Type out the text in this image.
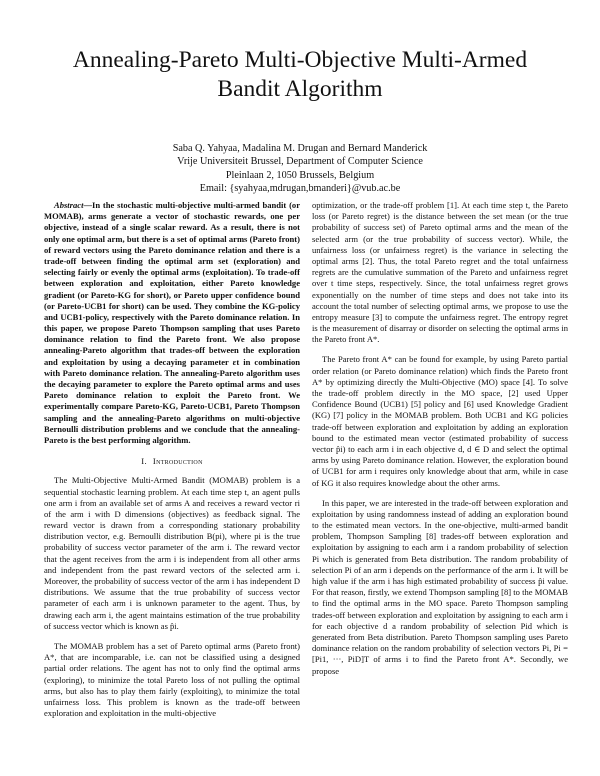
Annealing-Pareto Multi-Objective Multi-Armed Bandit Algorithm
Saba Q. Yahyaa, Madalina M. Drugan and Bernard Manderick
Vrije Universiteit Brussel, Department of Computer Science
Pleinlaan 2, 1050 Brussels, Belgium
Email: {syahyaa,mdrugan,bmanderi}@vub.ac.be

Abstract—In the stochastic multi-objective multi-armed bandit (or MOMAB), arms generate a vector of stochastic rewards, one per objective, instead of a single scalar reward. As a result, there is not only one optimal arm, but there is a set of optimal arms (Pareto front) of reward vectors using the Pareto dominance relation and there is a trade-off between finding the optimal arm set (exploration) and selecting fairly or evenly the optimal arms (exploitation). To trade-off between exploration and exploitation, either Pareto knowledge gradient (or Pareto-KG for short), or Pareto upper confidence bound (or Pareto-UCB1 for short) can be used. They combine the KG-policy and UCB1-policy, respectively with the Pareto dominance relation. In this paper, we propose Pareto Thompson sampling that uses Pareto dominance relation to find the Pareto front. We also propose annealing-Pareto algorithm that trades-off between the exploration and exploitation by using a decaying parameter εt in combination with Pareto dominance relation. The annealing-Pareto algorithm uses the decaying parameter to explore the Pareto optimal arms and uses Pareto dominance relation to exploit the Pareto front. We experimentally compare Pareto-KG, Pareto-UCB1, Pareto Thompson sampling and the annealing-Pareto algorithms on multi-objective Bernoulli distribution problems and we conclude that the annealing-Pareto is the best performing algorithm.

I. Introduction

The Multi-Objective Multi-Armed Bandit (MOMAB) problem is a sequential stochastic learning problem. At each time step t, an agent pulls one arm i from an available set of arms A and receives a reward vector ri of the arm i with D dimensions (objectives) as feedback signal. The reward vector is drawn from a corresponding stationary probability distribution vector, e.g. Bernoulli distribution B(pi), where pi is the true probability of success vector parameter of the arm i. The reward vector that the agent receives from the arm i is independent from all other arms and independent from the past reward vectors of the selected arm i. Moreover, the probability of success vector of the arm i has independent D distributions. We assume that the true probability of success vector parameter of each arm i is unknown parameter to the agent. Thus, by drawing each arm i, the agent maintains estimation of the true probability of success vector which is known as p̂i.

The MOMAB problem has a set of Pareto optimal arms (Pareto front) A*, that are incomparable, i.e. can not be classified using a designed partial order relations. The agent has not to only find the optimal arms (exploring), to minimize the total Pareto loss of not pulling the optimal arms, but also has to play them fairly (exploiting), to minimize the total unfairness loss. This problem is known as the trade-off between exploration and exploitation in the multi-objective

optimization, or the trade-off problem [1]. At each time step t, the Pareto loss (or Pareto regret) is the distance between the set mean (or the true probability of success set) of Pareto optimal arms and the mean of the selected arm (or the true probability of success vector). While, the unfairness loss (or unfairness regret) is the variance in selecting the optimal arms [2]. Thus, the total Pareto regret and the total unfairness regrets are the cumulative summation of the Pareto and unfairness regret over t time steps, respectively. Since, the total unfairness regret grows exponentially on the number of time steps and does not take into its account the total number of selecting optimal arms, we propose to use the entropy measure [3] to compute the unfairness regret. The entropy regret is the measurement of disarray or disorder on selecting the optimal arms in the Pareto front A*.

The Pareto front A* can be found for example, by using Pareto partial order relation (or Pareto dominance relation) which finds the Pareto front A* by optimizing directly the Multi-Objective (MO) space [4]. To solve the trade-off problem directly in the MO space, [2] used Upper Confidence Bound (UCB1) [5] policy and [6] used Knowledge Gradient (KG) [7] policy in the MOMAB problem. Both UCB1 and KG policies trade-off between exploration and exploitation by adding an exploration bound to the estimated mean vector (estimated probability of success vector p̂i) to each arm i in each objective d, d ∈ D and select the optimal arms by using Pareto dominance relation. However, the exploration bound of UCB1 for arm i requires only knowledge about that arm, while in case of KG it also requires knowledge about the other arms.

In this paper, we are interested in the trade-off between exploration and exploitation by using randomness instead of adding an exploration bound to the estimated mean vectors. In the one-objective, multi-armed bandit problem, Thompson Sampling [8] trades-off between exploration and exploitation by assigning to each arm i a random probability of selection Pi which is generated from Beta distribution. The random probability of selection Pi of an arm i depends on the performance of the arm i. It will be high value if the arm i has high estimated probability of success p̂i value. For that reason, firstly, we extend Thompson sampling [8] to the MOMAB to find the optimal arms in the MO space. Pareto Thompson sampling trades-off between exploration and exploitation by assigning to each arm i for each objective d a random probability of selection Pid which is generated from Beta distribution. Pareto Thompson sampling uses Pareto dominance relation on the random probability of selection vectors Pi, Pi = [Pi1, ···, PiD]T of arms i to find the Pareto front A*. Secondly, we propose
